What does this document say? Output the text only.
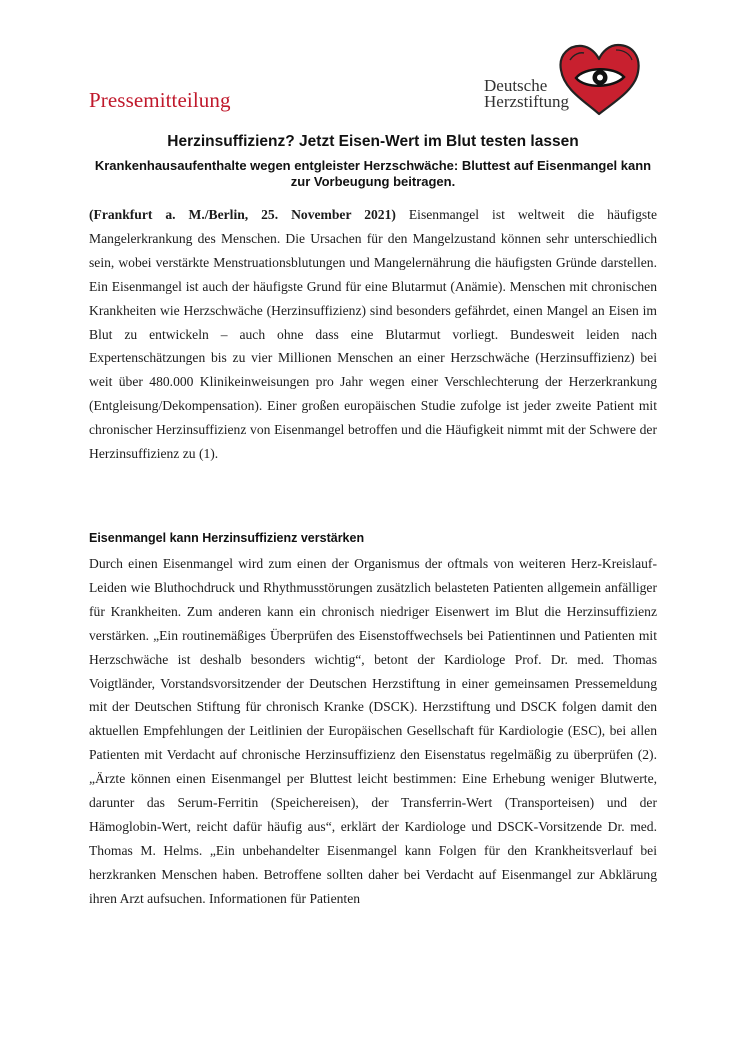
Pressemitteilung
Deutsche
Herzstiftung
Herzinsuffizienz? Jetzt Eisen-Wert im Blut testen lassen
Krankenhausaufenthalte wegen entgleister Herzschwäche: Bluttest auf Eisenmangel kann zur Vorbeugung beitragen.

(Frankfurt a. M./Berlin, 25. November 2021) Eisenmangel ist weltweit die häufigste Mangelerkrankung des Menschen. Die Ursachen für den Mangelzustand können sehr unterschiedlich sein, wobei verstärkte Menstruationsblutungen und Mangelernährung die häufigsten Gründe darstellen. Ein Eisenmangel ist auch der häufigste Grund für eine Blutarmut (Anämie). Menschen mit chronischen Krankheiten wie Herzschwäche (Herzinsuffizienz) sind besonders gefährdet, einen Mangel an Eisen im Blut zu entwickeln – auch ohne dass eine Blutarmut vorliegt. Bundesweit leiden nach Expertenschätzungen bis zu vier Millionen Menschen an einer Herzschwäche (Herzinsuffizienz) bei weit über 480.000 Klinikeinweisungen pro Jahr wegen einer Verschlechterung der Herzerkrankung (Entgleisung/Dekompensation). Einer großen europäischen Studie zufolge ist jeder zweite Patient mit chronischer Herzinsuffizienz von Eisenmangel betroffen und die Häufigkeit nimmt mit der Schwere der Herzinsuffizienz zu (1).

Eisenmangel kann Herzinsuffizienz verstärken

Durch einen Eisenmangel wird zum einen der Organismus der oftmals von weiteren Herz-Kreislauf-Leiden wie Bluthochdruck und Rhythmusstörungen zusätzlich belasteten Patienten allgemein anfälliger für Krankheiten. Zum anderen kann ein chronisch niedriger Eisenwert im Blut die Herzinsuffizienz verstärken. „Ein routinemäßiges Überprüfen des Eisenstoffwechsels bei Patientinnen und Patienten mit Herzschwäche ist deshalb besonders wichtig“, betont der Kardiologe Prof. Dr. med. Thomas Voigtländer, Vorstandsvorsitzender der Deutschen Herzstiftung in einer gemeinsamen Pressemeldung mit der Deutschen Stiftung für chronisch Kranke (DSCK). Herzstiftung und DSCK folgen damit den aktuellen Empfehlungen der Leitlinien der Europäischen Gesellschaft für Kardiologie (ESC), bei allen Patienten mit Verdacht auf chronische Herzinsuffizienz den Eisenstatus regelmäßig zu überprüfen (2). „Ärzte können einen Eisenmangel per Bluttest leicht bestimmen: Eine Erhebung weniger Blutwerte, darunter das Serum-Ferritin (Speichereisen), der Transferrin-Wert (Transporteisen) und der Hämoglobin-Wert, reicht dafür häufig aus“, erklärt der Kardiologe und DSCK-Vorsitzende Dr. med. Thomas M. Helms. „Ein unbehandelter Eisenmangel kann Folgen für den Krankheitsverlauf bei herzkranken Menschen haben. Betroffene sollten daher bei Verdacht auf Eisenmangel zur Abklärung ihren Arzt aufsuchen. Informationen für Patienten
